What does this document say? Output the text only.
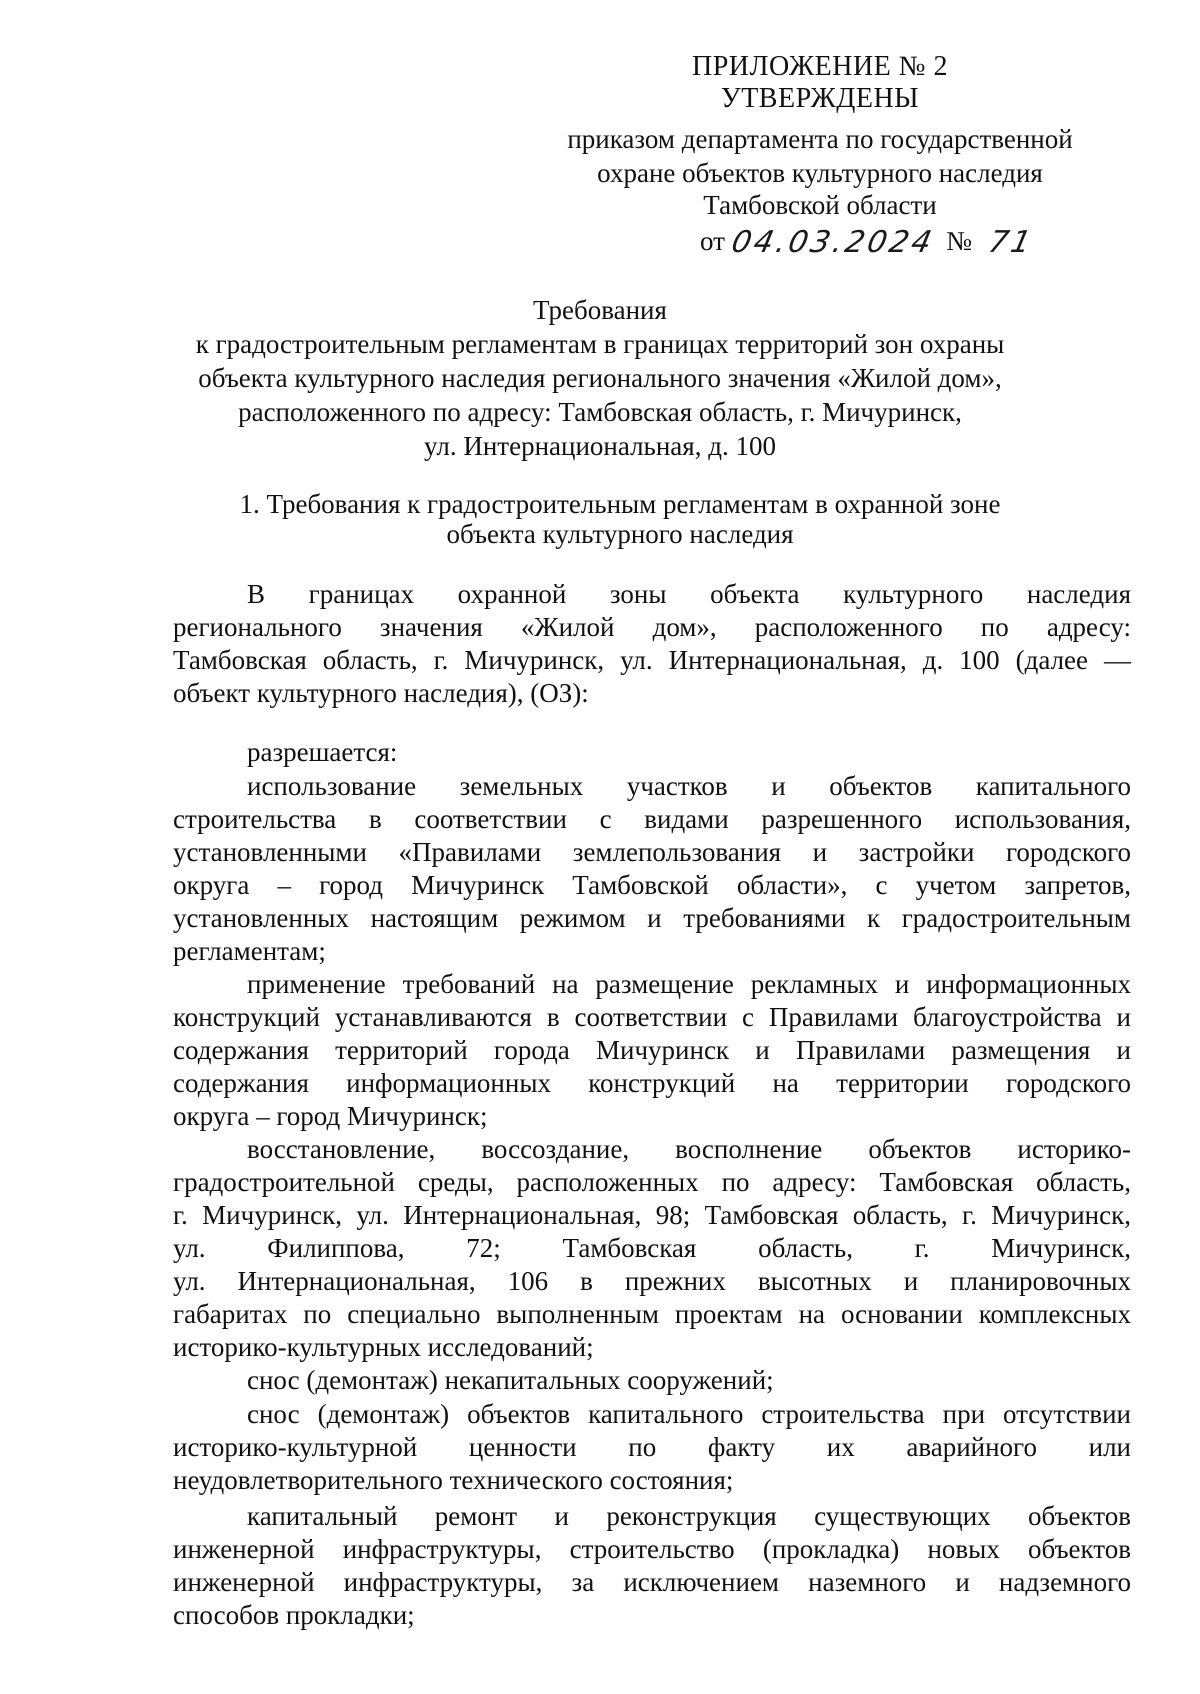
ПРИЛОЖЕНИЕ № 2
УТВЕРЖДЕНЫ
приказом департамента по государственной
охране объектов культурного наследия
Тамбовской области
от 04.03.2024 № 71
Требования
к градостроительным регламентам в границах территорий зон охраны
объекта культурного наследия регионального значения «Жилой дом»,
расположенного по адресу: Тамбовская область, г. Мичуринск,
ул. Интернациональная, д. 100
1. Требования к градостроительным регламентам в охранной зоне
объекта культурного наследия
В границах охранной зоны объекта культурного наследия
регионального значения «Жилой дом», расположенного по адресу:
Тамбовская область, г. Мичуринск, ул. Интернациональная, д. 100 (далее —
объект культурного наследия), (ОЗ):
разрешается:
использование земельных участков и объектов капитального
строительства в соответствии с видами разрешенного использования,
установленными «Правилами землепользования и застройки городского
округа – город Мичуринск Тамбовской области», с учетом запретов,
установленных настоящим режимом и требованиями к градостроительным
регламентам;
применение требований на размещение рекламных и информационных
конструкций устанавливаются в соответствии с Правилами благоустройства и
содержания территорий города Мичуринск и Правилами размещения и
содержания информационных конструкций на территории городского
округа – город Мичуринск;
восстановление, воссоздание, восполнение объектов историко-
градостроительной среды, расположенных по адресу: Тамбовская область,
г. Мичуринск, ул. Интернациональная, 98; Тамбовская область, г. Мичуринск,
ул. Филиппова, 72; Тамбовская область, г. Мичуринск,
ул. Интернациональная, 106 в прежних высотных и планировочных
габаритах по специально выполненным проектам на основании комплексных
историко-культурных исследований;
снос (демонтаж) некапитальных сооружений;
снос (демонтаж) объектов капитального строительства при отсутствии
историко-культурной ценности по факту их аварийного или
неудовлетворительного технического состояния;
капитальный ремонт и реконструкция существующих объектов
инженерной инфраструктуры, строительство (прокладка) новых объектов
инженерной инфраструктуры, за исключением наземного и надземного
способов прокладки;
